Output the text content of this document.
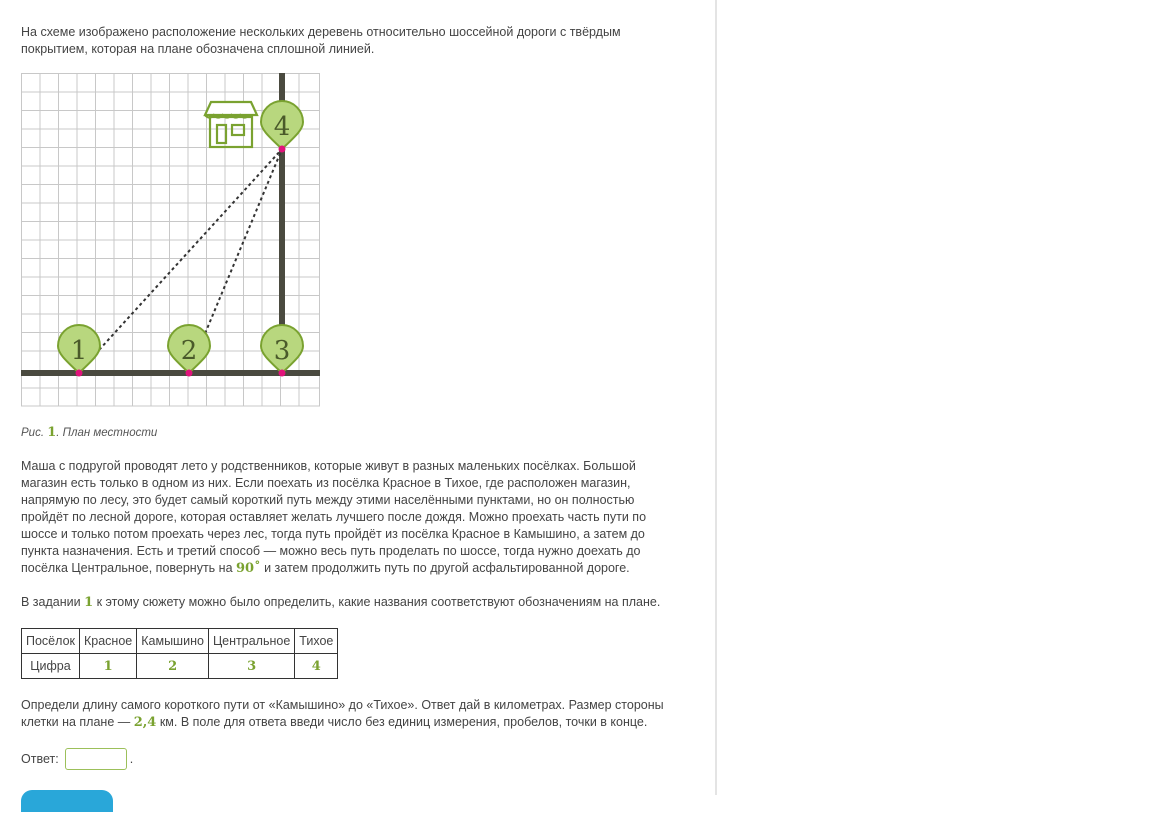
На схеме изображено расположение нескольких деревень относительно шоссейной дороги с твёрдым покрытием, которая на плане обозначена сплошной линией.

4
1	2	3
Рис. 1. План местности

Маша с подругой проводят лето у родственников, которые живут в разных маленьких посёлках. Большой магазин есть только в одном из них. Если поехать из посёлка Красное в Тихое, где расположен магазин, напрямую по лесу, это будет самый короткий путь между этими населёнными пунктами, но он полностью пройдёт по лесной дороге, которая оставляет желать лучшего после дождя. Можно проехать часть пути по шоссе и только потом проехать через лес, тогда путь пройдёт из посёлка Красное в Камышино, а затем до пункта назначения. Есть и третий способ — можно весь путь проделать по шоссе, тогда нужно доехать до посёлка Центральное, повернуть на 90˚ и затем продолжить путь по другой асфальтированной дороге.

В задании 1 к этому сюжету можно было определить, какие названия соответствуют обозначениям на плане.

Посёлок	Красное	Камышино	Центральное	Тихое
Цифра	1	2	3	4

Определи длину самого короткого пути от «Камышино» до «Тихое». Ответ дай в километрах. Размер стороны клетки на плане — 2,4 км. В поле для ответа введи число без единиц измерения, пробелов, точки в конце.

Ответ:	.
